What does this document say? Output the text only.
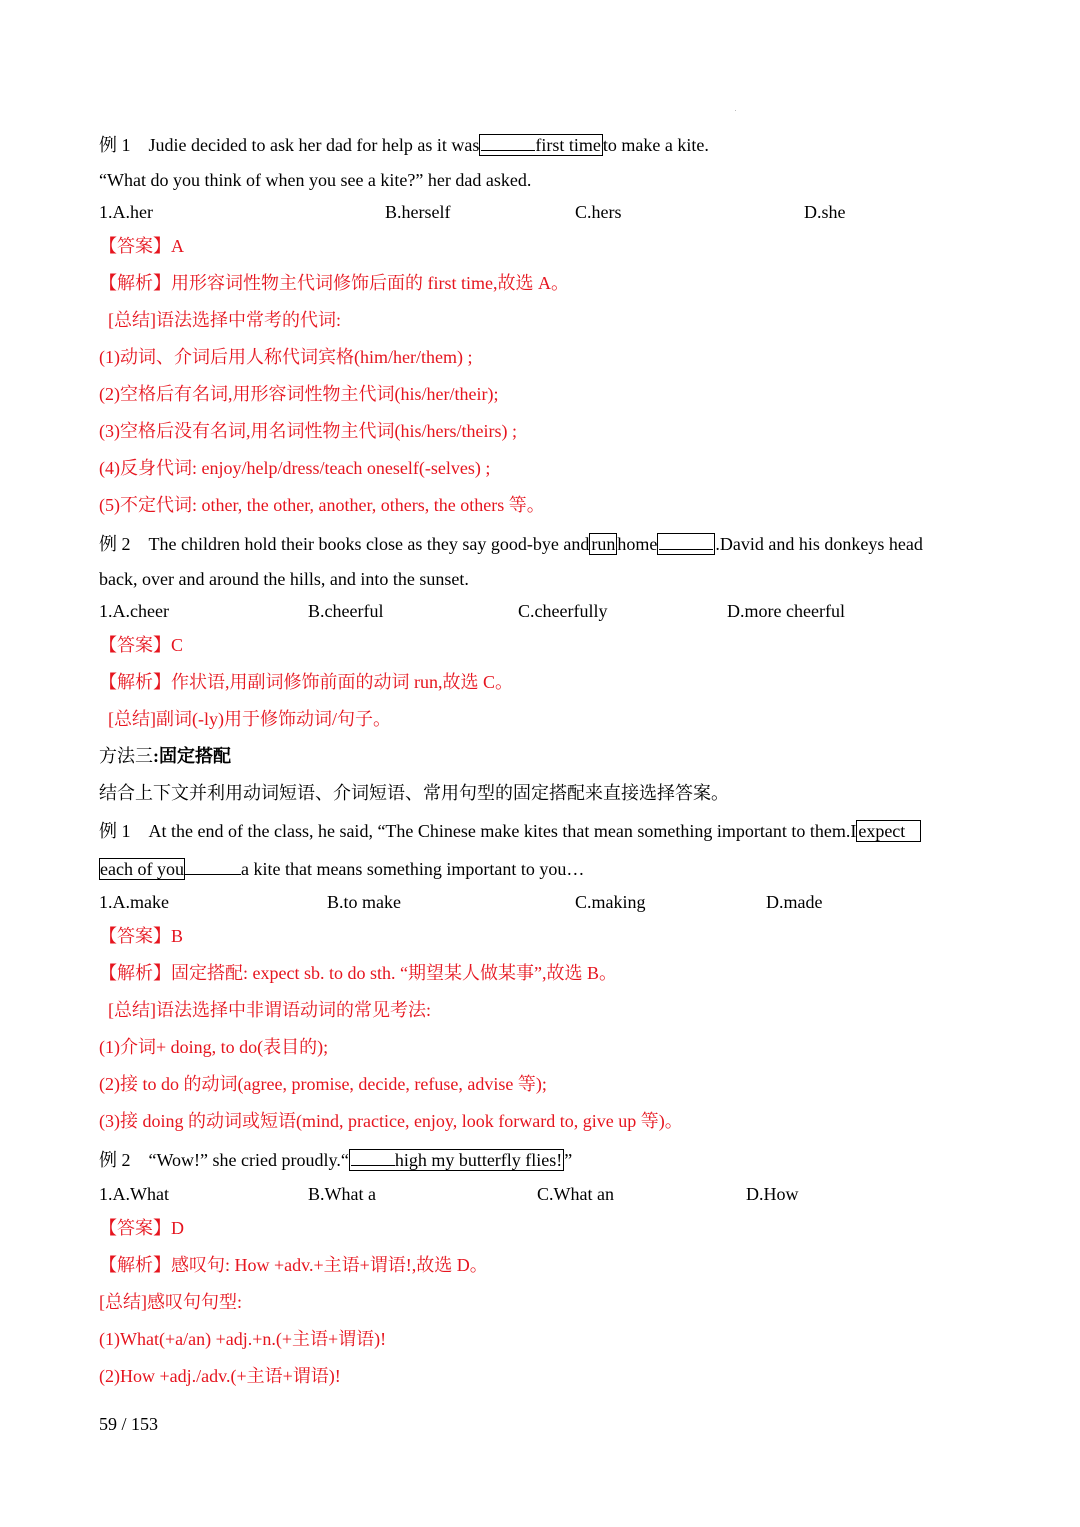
例 1 Judie decided to ask her dad for help as it was	first time to make a kite.
“What do you think of when you see a kite?” her dad asked.
1.A.her	B.herself	C.hers	D.she
【答案】A
【解析】用形容词性物主代词修饰后面的 first time,故选 A。
[总结]语法选择中常考的代词:
(1)动词、介词后用人称代词宾格(him/her/them) ;
(2)空格后有名词,用形容词性物主代词(his/her/their);
(3)空格后没有名词,用名词性物主代词(his/hers/theirs) ;
(4)反身代词: enjoy/help/dress/teach oneself(-selves) ;
(5)不定代词: other, the other, another, others, the others 等。
例 2 The children hold their books close as they say good-bye and run home	.David and his donkeys head
back, over and around the hills, and into the sunset.
1.A.cheer	B.cheerful	C.cheerfully	D.more cheerful
【答案】C
【解析】作状语,用副词修饰前面的动词 run,故选 C。
[总结]副词(-ly)用于修饰动词/句子。
方法三:固定搭配
结合上下文并利用动词短语、介词短语、常用句型的固定搭配来直接选择答案。
例 1 At the end of the class, he said, “The Chinese make kites that mean something important to them.I expect
each of you	a kite that means something important to you…
1.A.make	B.to make	C.making	D.made
【答案】B
【解析】固定搭配: expect sb. to do sth. “期望某人做某事”,故选 B。
[总结]语法选择中非谓语动词的常见考法:
(1)介词+ doing, to do(表目的);
(2)接 to do 的动词(agree, promise, decide, refuse, advise 等);
(3)接 doing 的动词或短语(mind, practice, enjoy, look forward to, give up 等)。
例 2 “Wow!” she cried proudly.“	high my butterfly flies! ”
1.A.What	B.What a	C.What an	D.How
【答案】D
【解析】感叹句: How +adv.+主语+谓语!,故选 D。
[总结]感叹句句型:
(1)What(+a/an) +adj.+n.(+主语+谓语)!
(2)How +adj./adv.(+主语+谓语)!
59 / 153
